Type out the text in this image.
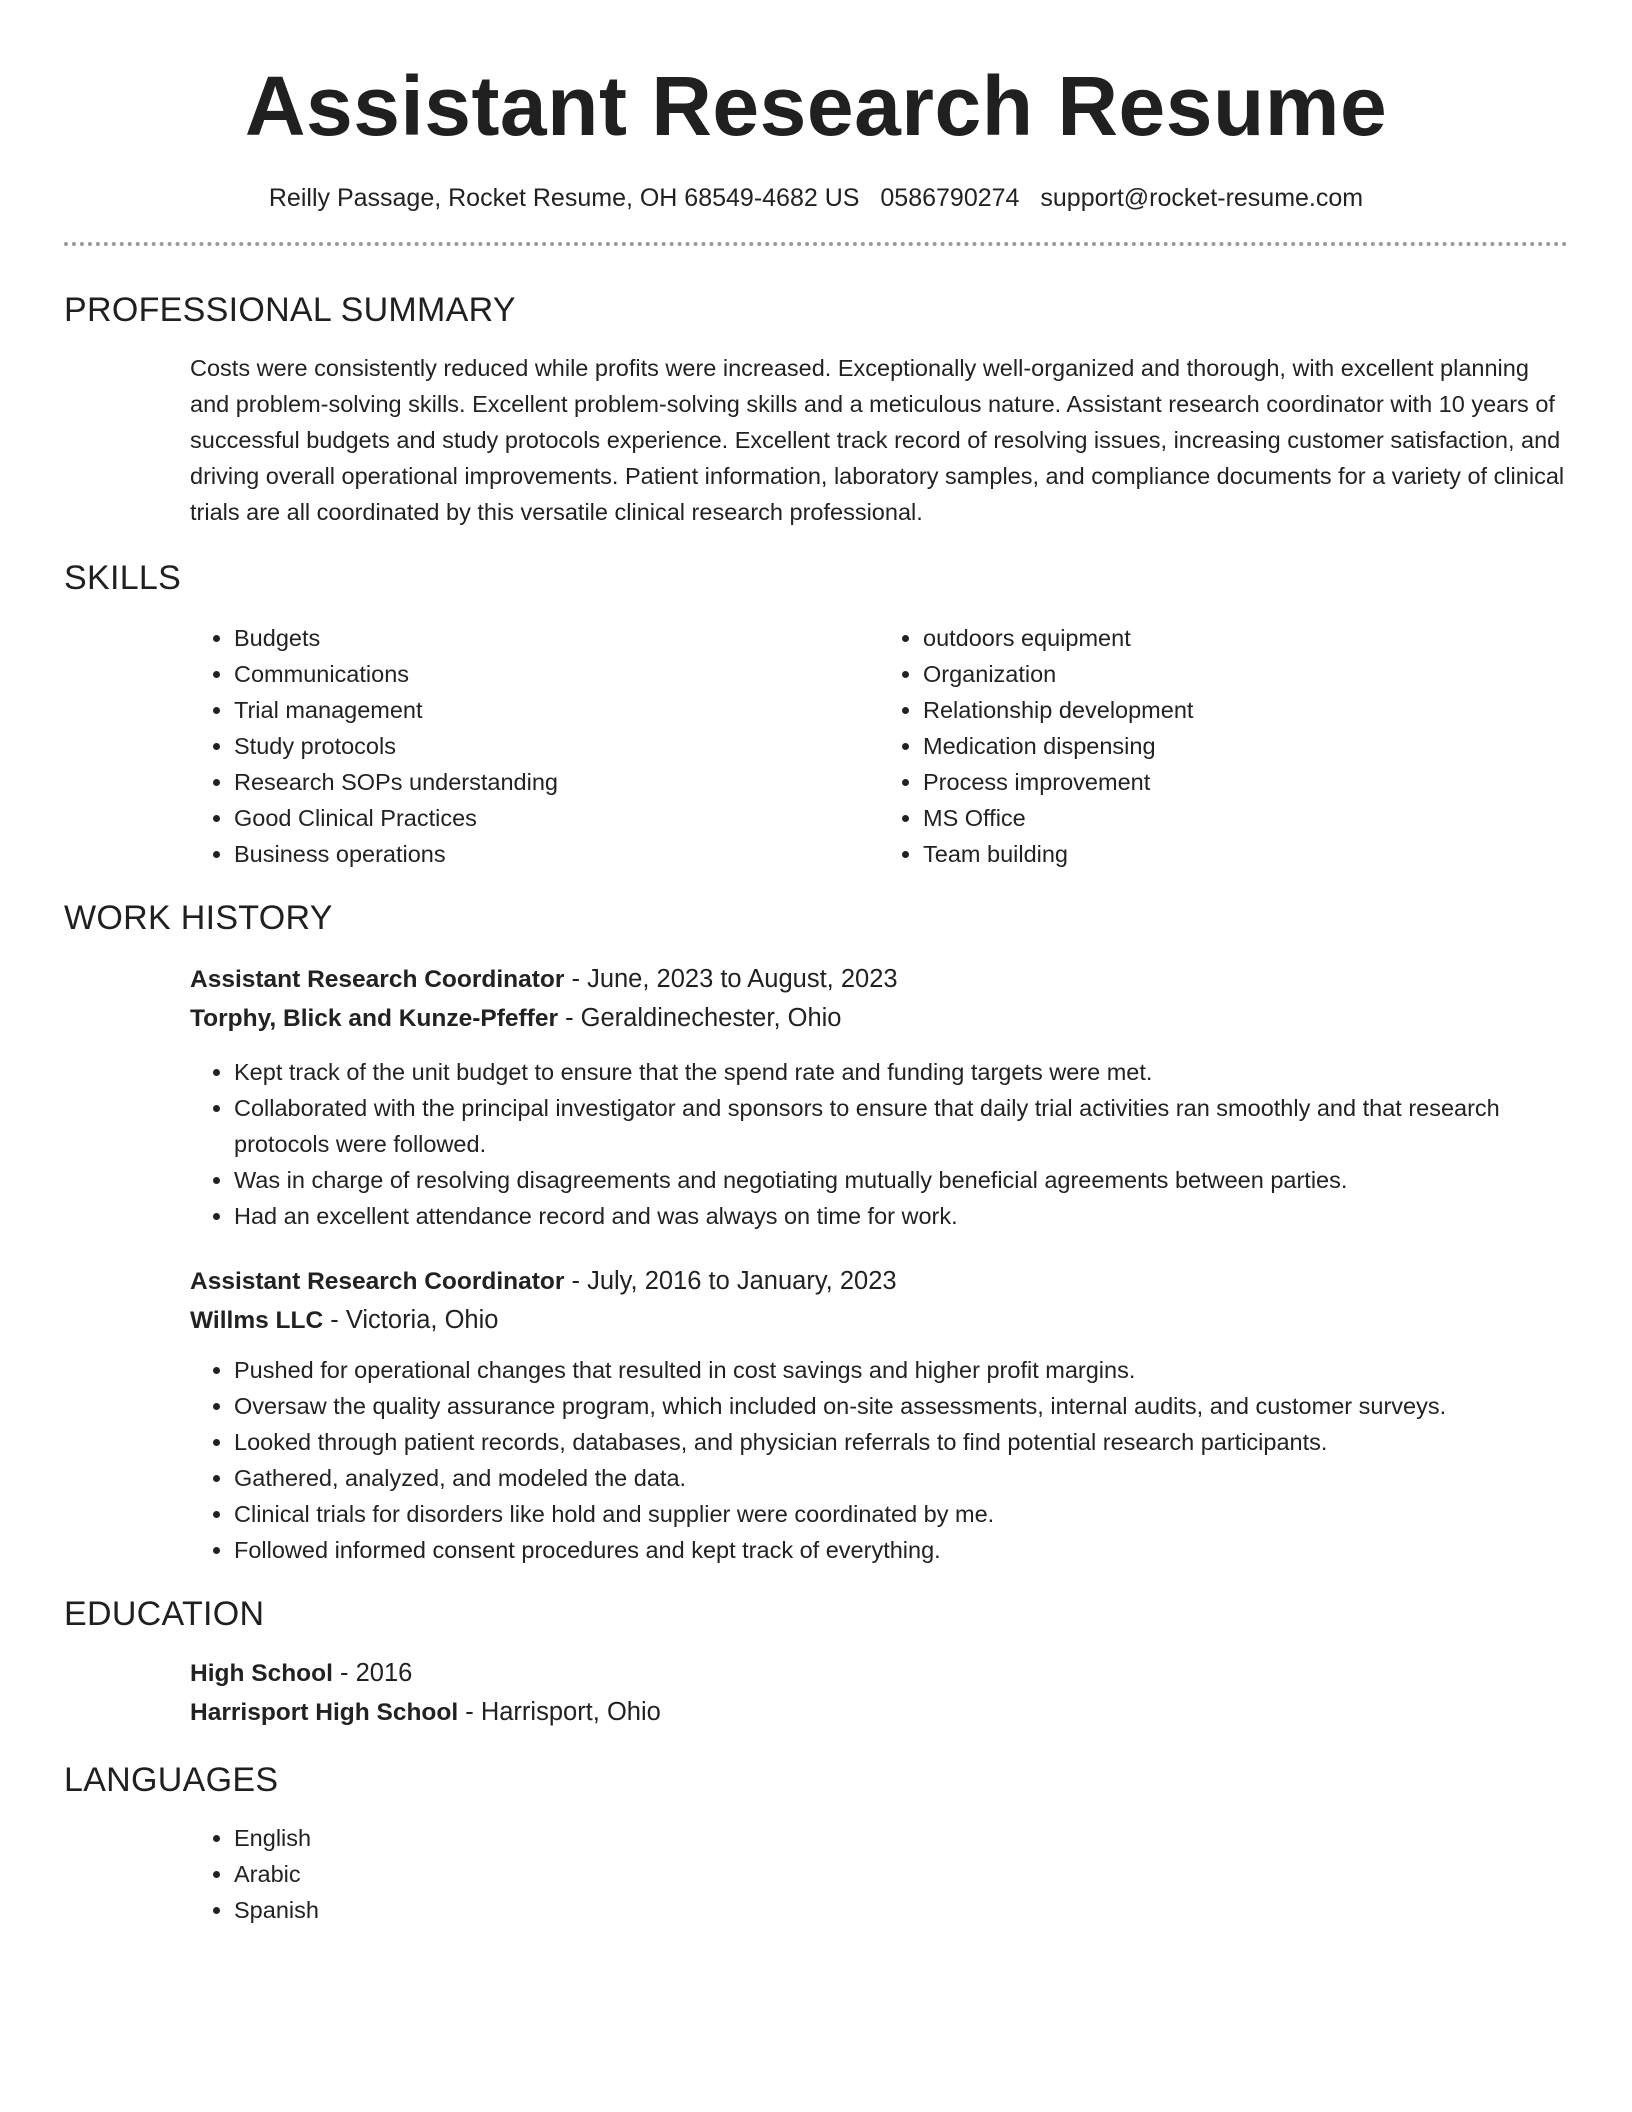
Assistant Research Resume
Reilly Passage, Rocket Resume, OH 68549-4682 US 0586790274 support@rocket-resume.com
PROFESSIONAL SUMMARY

Costs were consistently reduced while profits were increased. Exceptionally well-organized and thorough, with excellent planning and problem-solving skills. Excellent problem-solving skills and a meticulous nature. Assistant research coordinator with 10 years of successful budgets and study protocols experience. Excellent track record of resolving issues, increasing customer satisfaction, and driving overall operational improvements. Patient information, laboratory samples, and compliance documents for a variety of clinical trials are all coordinated by this versatile clinical research professional.

SKILLS
• Budgets
• Communications
• Trial management
• Study protocols
• Research SOPs understanding
• Good Clinical Practices
• Business operations
• outdoors equipment
• Organization
• Relationship development
• Medication dispensing
• Process improvement
• MS Office
• Team building
WORK HISTORY
Assistant Research Coordinator - June, 2023 to August, 2023
Torphy, Blick and Kunze-Pfeffer - Geraldinechester, Ohio
• Kept track of the unit budget to ensure that the spend rate and funding targets were met.
• Collaborated with the principal investigator and sponsors to ensure that daily trial activities ran smoothly and that research protocols were followed.
• Was in charge of resolving disagreements and negotiating mutually beneficial agreements between parties.
• Had an excellent attendance record and was always on time for work.
Assistant Research Coordinator - July, 2016 to January, 2023
Willms LLC - Victoria, Ohio
• Pushed for operational changes that resulted in cost savings and higher profit margins.
• Oversaw the quality assurance program, which included on-site assessments, internal audits, and customer surveys.
• Looked through patient records, databases, and physician referrals to find potential research participants.
• Gathered, analyzed, and modeled the data.
• Clinical trials for disorders like hold and supplier were coordinated by me.
• Followed informed consent procedures and kept track of everything.
EDUCATION
High School - 2016
Harrisport High School - Harrisport, Ohio
LANGUAGES
• English
• Arabic
• Spanish
